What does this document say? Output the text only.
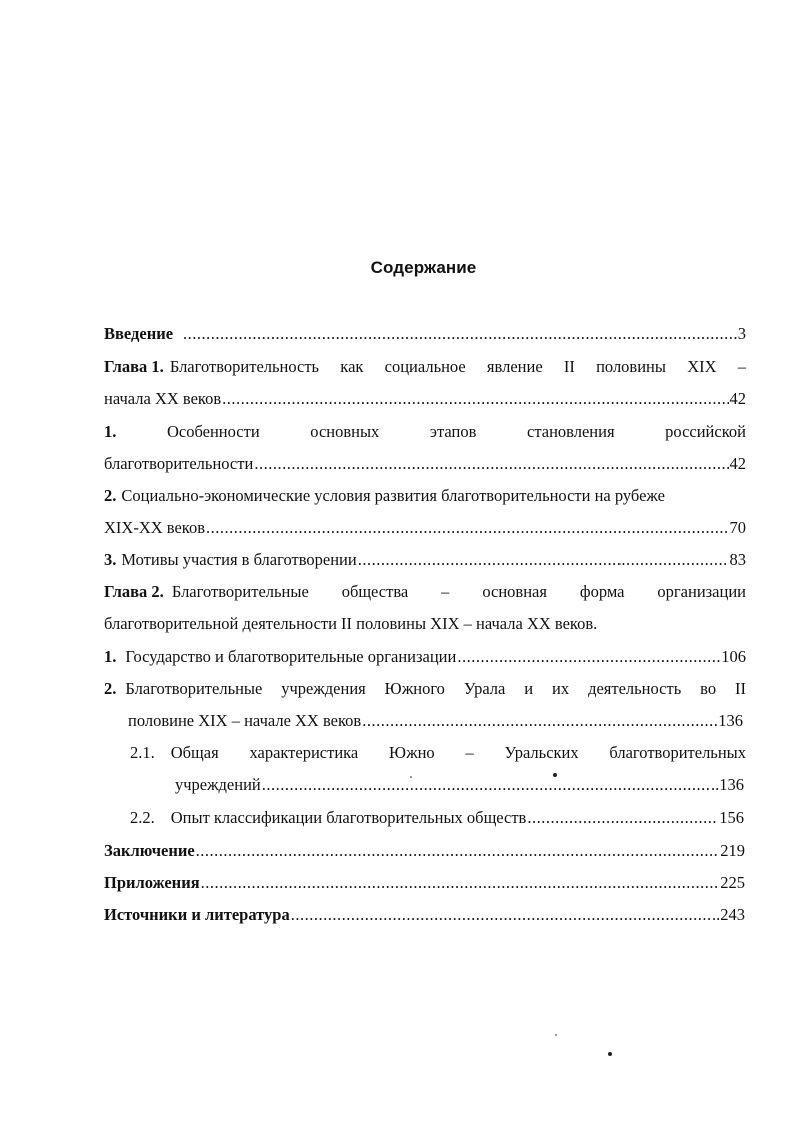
Содержание
Введение .....	3
Глава 1. Благотворительность как социальное явление II половины XIX –
начала XX веков .....	42
1.	Особенности	основных	этапов	становления	российской
благотворительности .....	42
2. Социально-экономические условия развития благотворительности на рубеже
XIX-XX веков .....	70
3. Мотивы участия в благотворении .....	83
Глава 2. Благотворительные общества – основная форма организации
благотворительной деятельности II половины XIX – начала XX веков.
1. Государство и благотворительные организации .....	106
2. Благотворительные учреждения Южного Урала и их деятельность во II
половине XIX – начале XX веков .....	136
2.1. Общая характеристика Южно – Уральских благотворительных
учреждений .....	..136
2.2. Опыт классификации благотворительных обществ .....	156
Заключение .....	219
Приложения .....	225
Источники и литература .....	..243
